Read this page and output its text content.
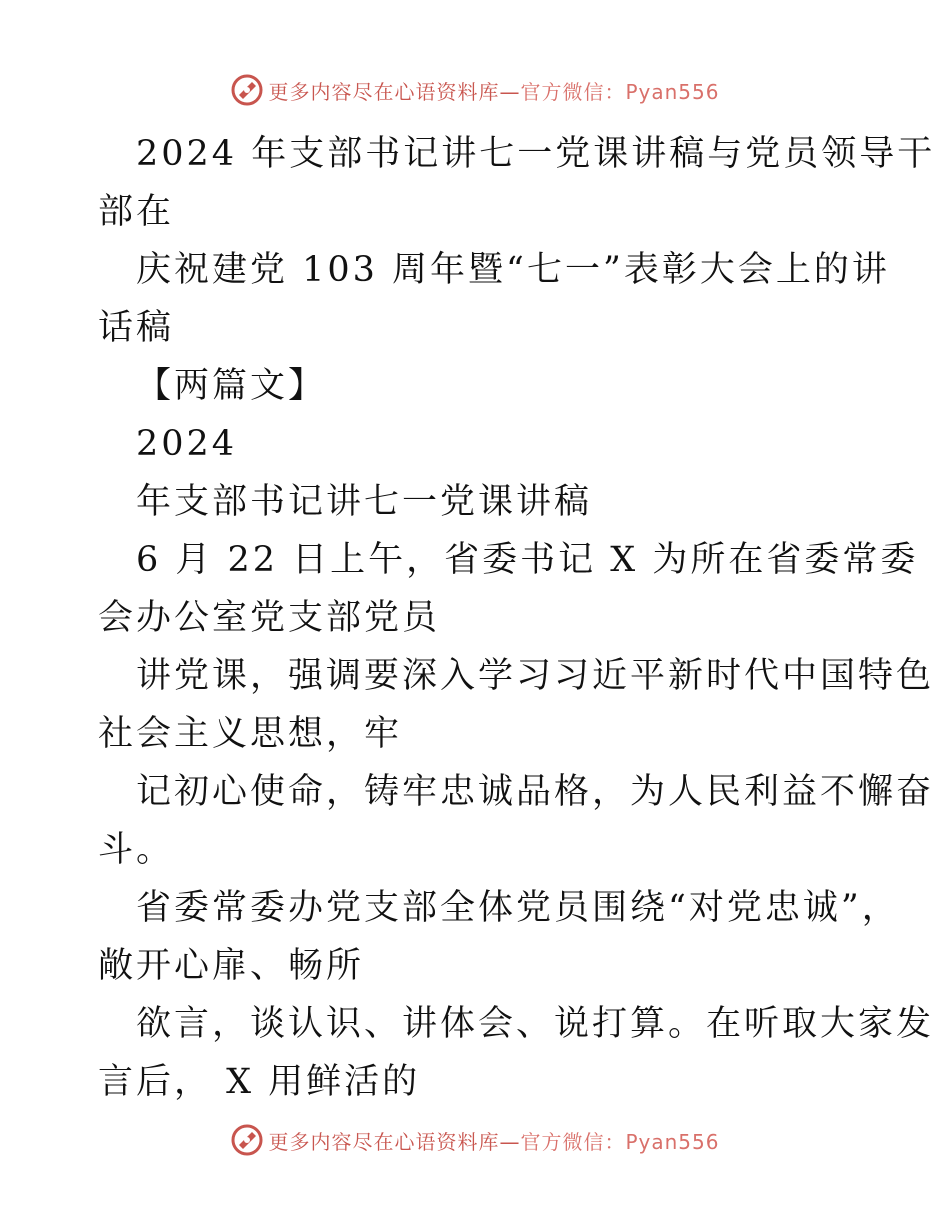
更多内容尽在心语资料库—官方微信：Pyan556
2024 年支部书记讲七一党课讲稿与党员领导干
部在
庆祝建党 103 周年暨“七一”表彰大会上的讲
话稿
【两篇文】
2024
年支部书记讲七一党课讲稿
6 月 22 日上午，省委书记 X 为所在省委常委
会办公室党支部党员
讲党课，强调要深入学习习近平新时代中国特色
社会主义思想，牢
记初心使命，铸牢忠诚品格，为人民利益不懈奋
斗。
省委常委办党支部全体党员围绕“对党忠诚”，
敞开心扉、畅所
欲言，谈认识、讲体会、说打算。在听取大家发
言后， X 用鲜活的
更多内容尽在心语资料库—官方微信：Pyan556
